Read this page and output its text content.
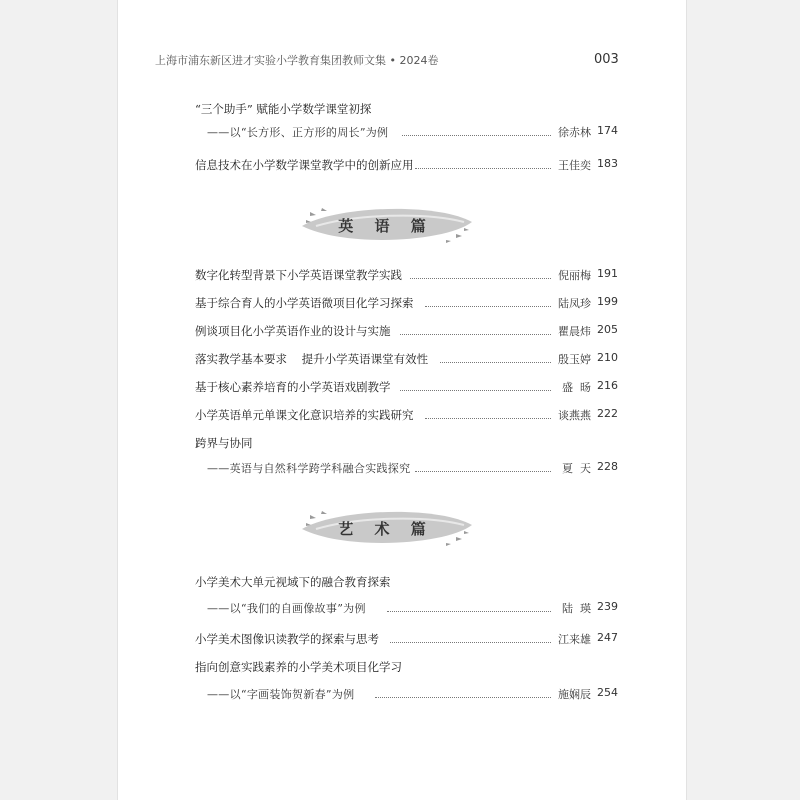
上海市浦东新区进才实验小学教育集团教师文集 • 2024卷	003
“三个助手” 赋能小学数学课堂初探
——以“长方形、正方形的周长”为例	徐赤林 174
信息技术在小学数学课堂教学中的创新应用	王佳奕 183
英 语 篇
数字化转型背景下小学英语课堂教学实践	倪丽梅 191
基于综合育人的小学英语微项目化学习探索	陆凤珍 199
例谈项目化小学英语作业的设计与实施	瞿晨炜 205
落实教学基本要求    提升小学英语课堂有效性	殷玉婷 210
基于核心素养培育的小学英语戏剧教学	盛  旸 216
小学英语单元单课文化意识培养的实践研究	谈燕燕 222
跨界与协同
——英语与自然科学跨学科融合实践探究	夏  天 228
艺 术 篇
小学美术大单元视域下的融合教育探索
——以“我们的自画像故事”为例	陆  瑛 239
小学美术图像识读教学的探索与思考	江来雄 247
指向创意实践素养的小学美术项目化学习
——以“字画装饰贺新春”为例	施娴辰 254
